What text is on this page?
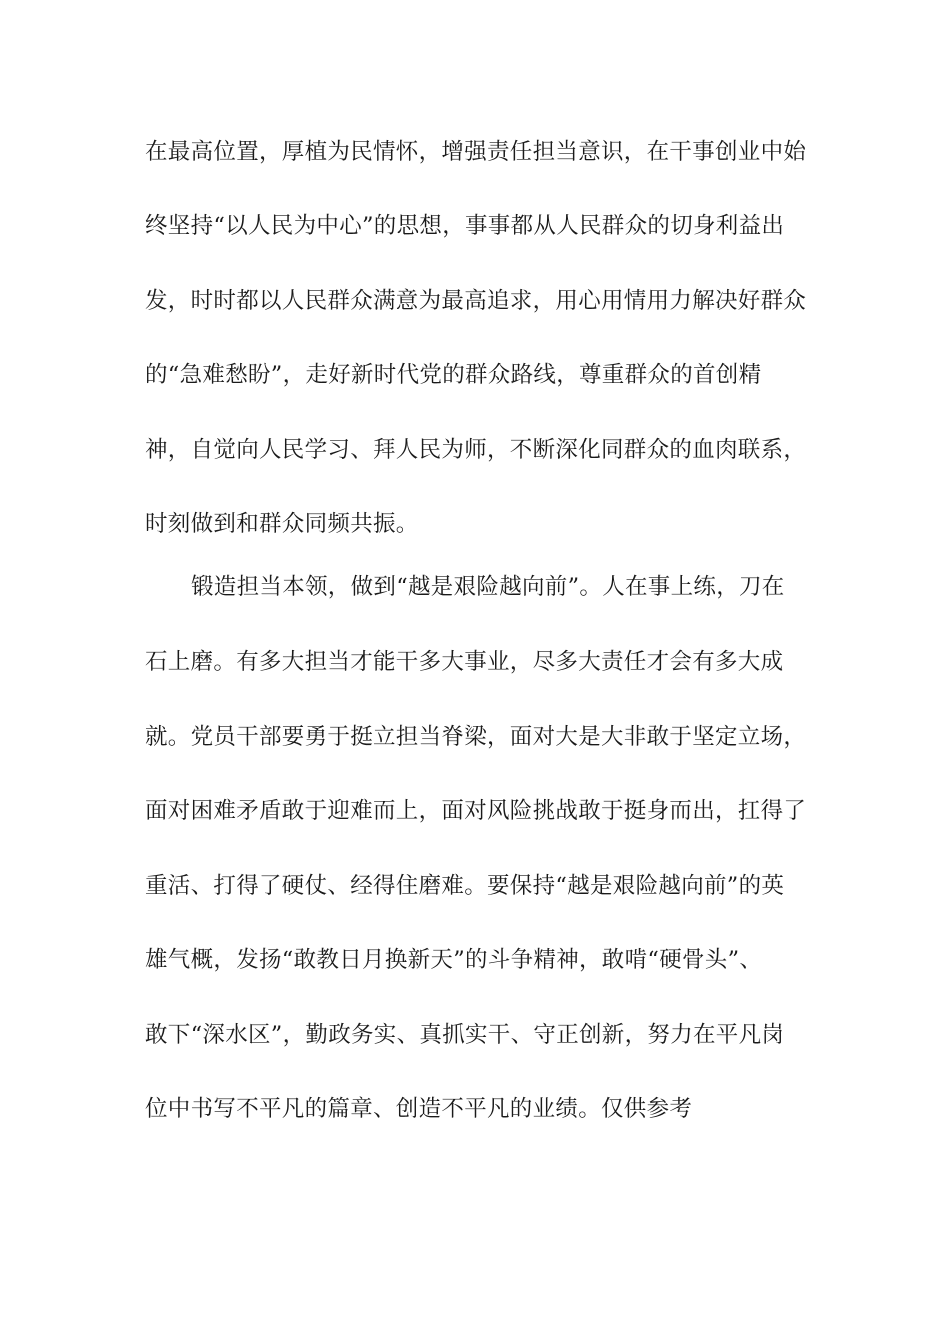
在最高位置，厚植为民情怀，增强责任担当意识，在干事创业中始
终坚持“以人民为中心”的思想，事事都从人民群众的切身利益出
发，时时都以人民群众满意为最高追求，用心用情用力解决好群众
的“急难愁盼”，走好新时代党的群众路线，尊重群众的首创精
神，自觉向人民学习、拜人民为师，不断深化同群众的血肉联系，
时刻做到和群众同频共振。
锻造担当本领，做到“越是艰险越向前”。人在事上练，刀在
石上磨。有多大担当才能干多大事业，尽多大责任才会有多大成
就。党员干部要勇于挺立担当脊梁，面对大是大非敢于坚定立场，
面对困难矛盾敢于迎难而上，面对风险挑战敢于挺身而出，扛得了
重活、打得了硬仗、经得住磨难。要保持“越是艰险越向前”的英
雄气概，发扬“敢教日月换新天”的斗争精神，敢啃“硬骨头”、
敢下“深水区”，勤政务实、真抓实干、守正创新，努力在平凡岗
位中书写不平凡的篇章、创造不平凡的业绩。仅供参考
